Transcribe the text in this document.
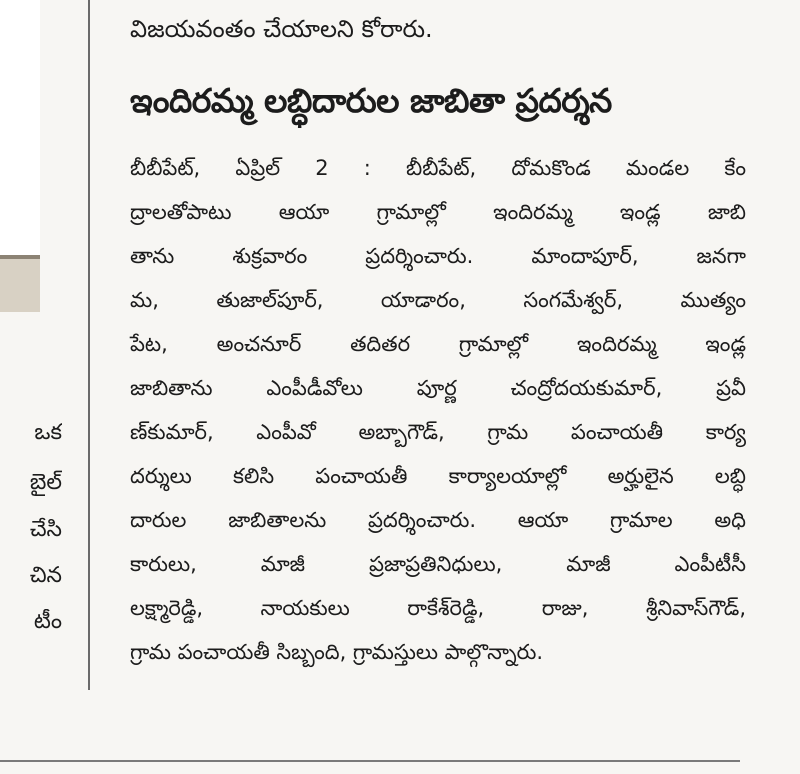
ఒక
బైల్
చేసి
చిన
టీం
విజయవంతం చేయాలని కోరారు.
ఇందిరమ్మ లబ్ధిదారుల జాబితా ప్రదర్శన
బీబీపేట్, ఏప్రిల్ 2 : బీబీపేట్, దోమకొండ మండల కేం
ద్రాలతోపాటు ఆయా గ్రామాల్లో ఇందిరమ్మ ఇండ్ల జాబి
తాను శుక్రవారం ప్రదర్శించారు. మాందాపూర్, జనగా
మ, తుజాల్‌పూర్, యాడారం, సంగమేశ్వర్, ముత్యం
పేట, అంచనూర్ తదితర గ్రామాల్లో ఇందిరమ్మ ఇండ్ల
జాబితాను ఎంపీడీవోలు పూర్ణ చంద్రోదయకుమార్, ప్రవీ
ణ్‌కుమార్, ఎంపీవో అబ్బాగౌడ్, గ్రామ పంచాయతీ కార్య
దర్శులు కలిసి పంచాయతీ కార్యాలయాల్లో అర్హులైన లబ్ధి
దారుల జాబితాలను ప్రదర్శించారు. ఆయా గ్రామాల అధి
కారులు, మాజీ ప్రజాప్రతినిధులు, మాజీ ఎంపీటీసీ
లక్ష్మారెడ్డి, నాయకులు రాకేశ్‌రెడ్డి, రాజు, శ్రీనివాస్‌గౌడ్,
గ్రామ పంచాయతీ సిబ్బంది, గ్రామస్తులు పాల్గొన్నారు.
